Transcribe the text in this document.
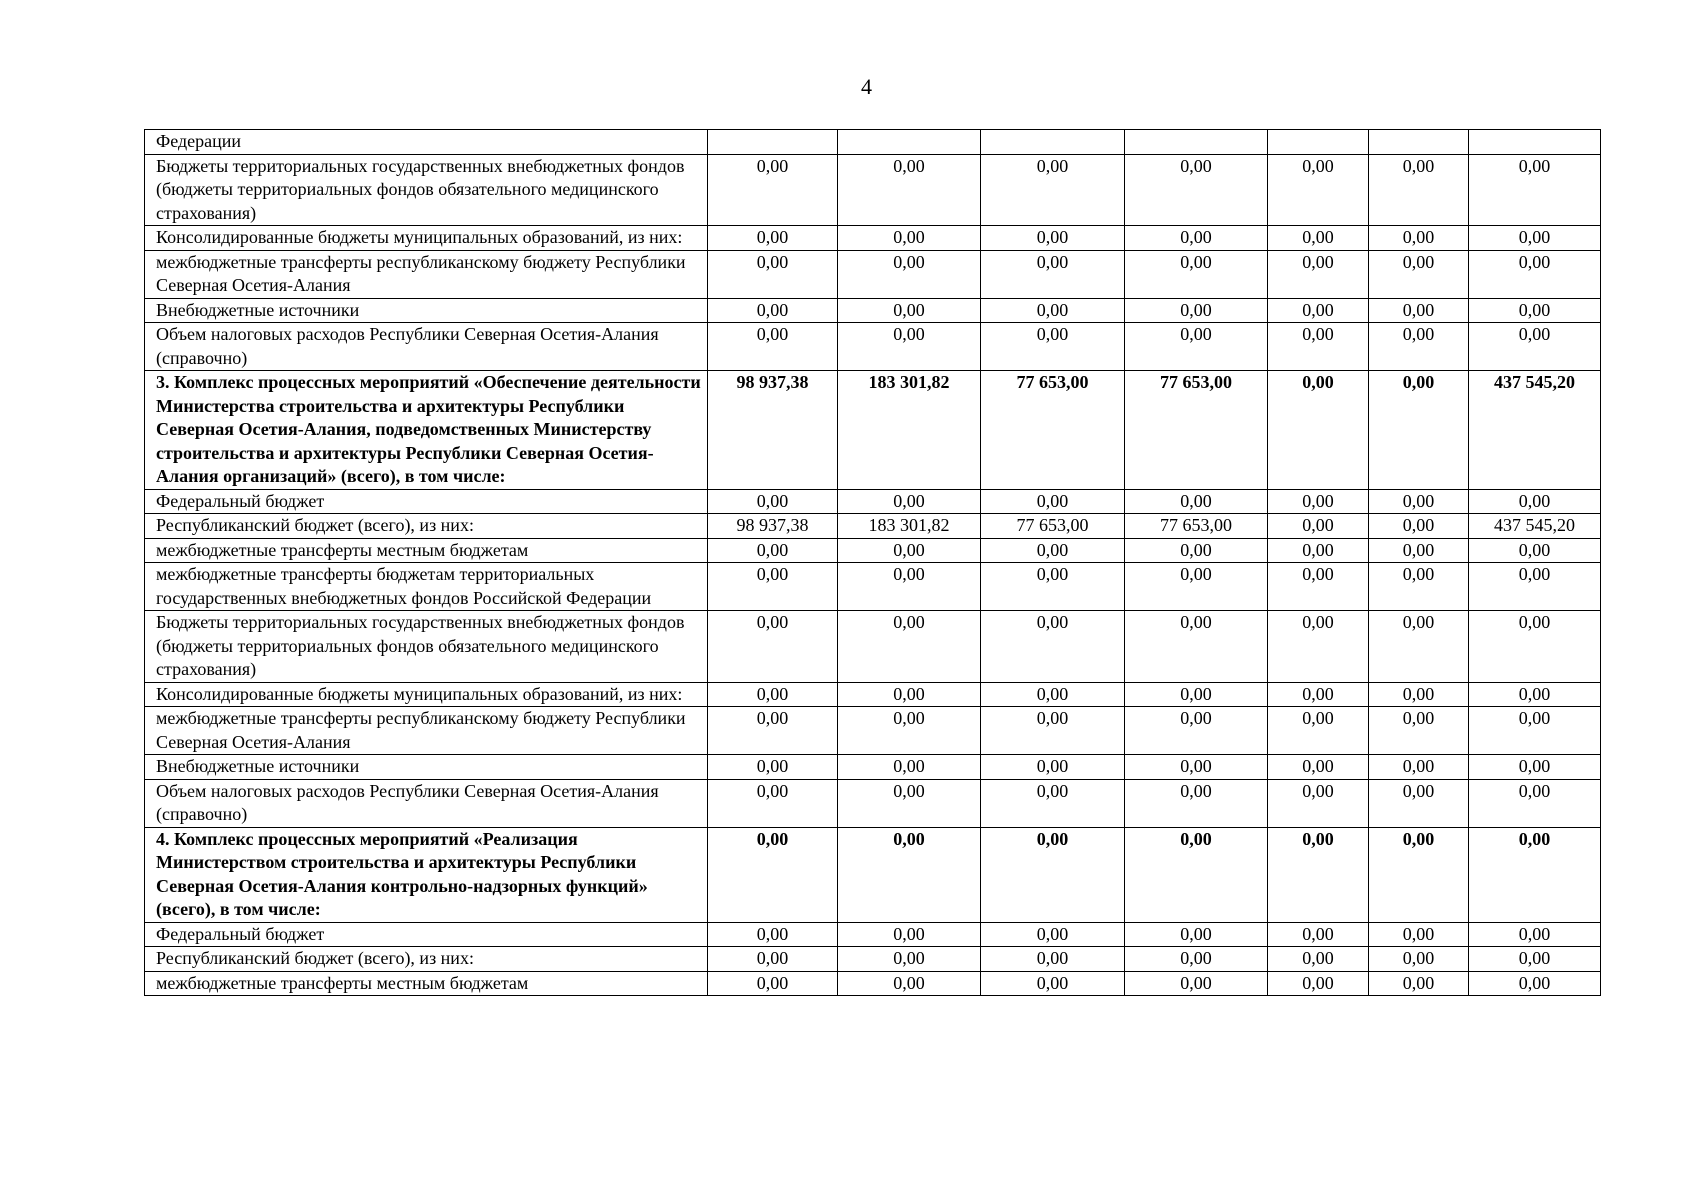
4
Федерации							
Бюджеты территориальных государственных внебюджетных фондов (бюджеты территориальных фондов обязательного медицинского страхования)	0,00	0,00	0,00	0,00	0,00	0,00	0,00
Консолидированные бюджеты муниципальных образований, из них:	0,00	0,00	0,00	0,00	0,00	0,00	0,00
межбюджетные трансферты республиканскому бюджету Республики Северная Осетия-Алания	0,00	0,00	0,00	0,00	0,00	0,00	0,00
Внебюджетные источники	0,00	0,00	0,00	0,00	0,00	0,00	0,00
Объем налоговых расходов Республики Северная Осетия-Алания (справочно)	0,00	0,00	0,00	0,00	0,00	0,00	0,00
3. Комплекс процессных мероприятий «Обеспечение деятельности Министерства строительства и архитектуры Республики Северная Осетия-Алания, подведомственных Министерству строительства и архитектуры Республики Северная Осетия-Алания организаций» (всего), в том числе:	98 937,38	183 301,82	77 653,00	77 653,00	0,00	0,00	437 545,20
Федеральный бюджет	0,00	0,00	0,00	0,00	0,00	0,00	0,00
Республиканский бюджет (всего), из них:	98 937,38	183 301,82	77 653,00	77 653,00	0,00	0,00	437 545,20
межбюджетные трансферты местным бюджетам	0,00	0,00	0,00	0,00	0,00	0,00	0,00
межбюджетные трансферты бюджетам территориальных государственных внебюджетных фондов Российской Федерации	0,00	0,00	0,00	0,00	0,00	0,00	0,00
Бюджеты территориальных государственных внебюджетных фондов (бюджеты территориальных фондов обязательного медицинского страхования)	0,00	0,00	0,00	0,00	0,00	0,00	0,00
Консолидированные бюджеты муниципальных образований, из них:	0,00	0,00	0,00	0,00	0,00	0,00	0,00
межбюджетные трансферты республиканскому бюджету Республики Северная Осетия-Алания	0,00	0,00	0,00	0,00	0,00	0,00	0,00
Внебюджетные источники	0,00	0,00	0,00	0,00	0,00	0,00	0,00
Объем налоговых расходов Республики Северная Осетия-Алания (справочно)	0,00	0,00	0,00	0,00	0,00	0,00	0,00
4. Комплекс процессных мероприятий «Реализация Министерством строительства и архитектуры Республики Северная Осетия-Алания контрольно-надзорных функций» (всего), в том числе:	0,00	0,00	0,00	0,00	0,00	0,00	0,00
Федеральный бюджет	0,00	0,00	0,00	0,00	0,00	0,00	0,00
Республиканский бюджет (всего), из них:	0,00	0,00	0,00	0,00	0,00	0,00	0,00
межбюджетные трансферты местным бюджетам	0,00	0,00	0,00	0,00	0,00	0,00	0,00
